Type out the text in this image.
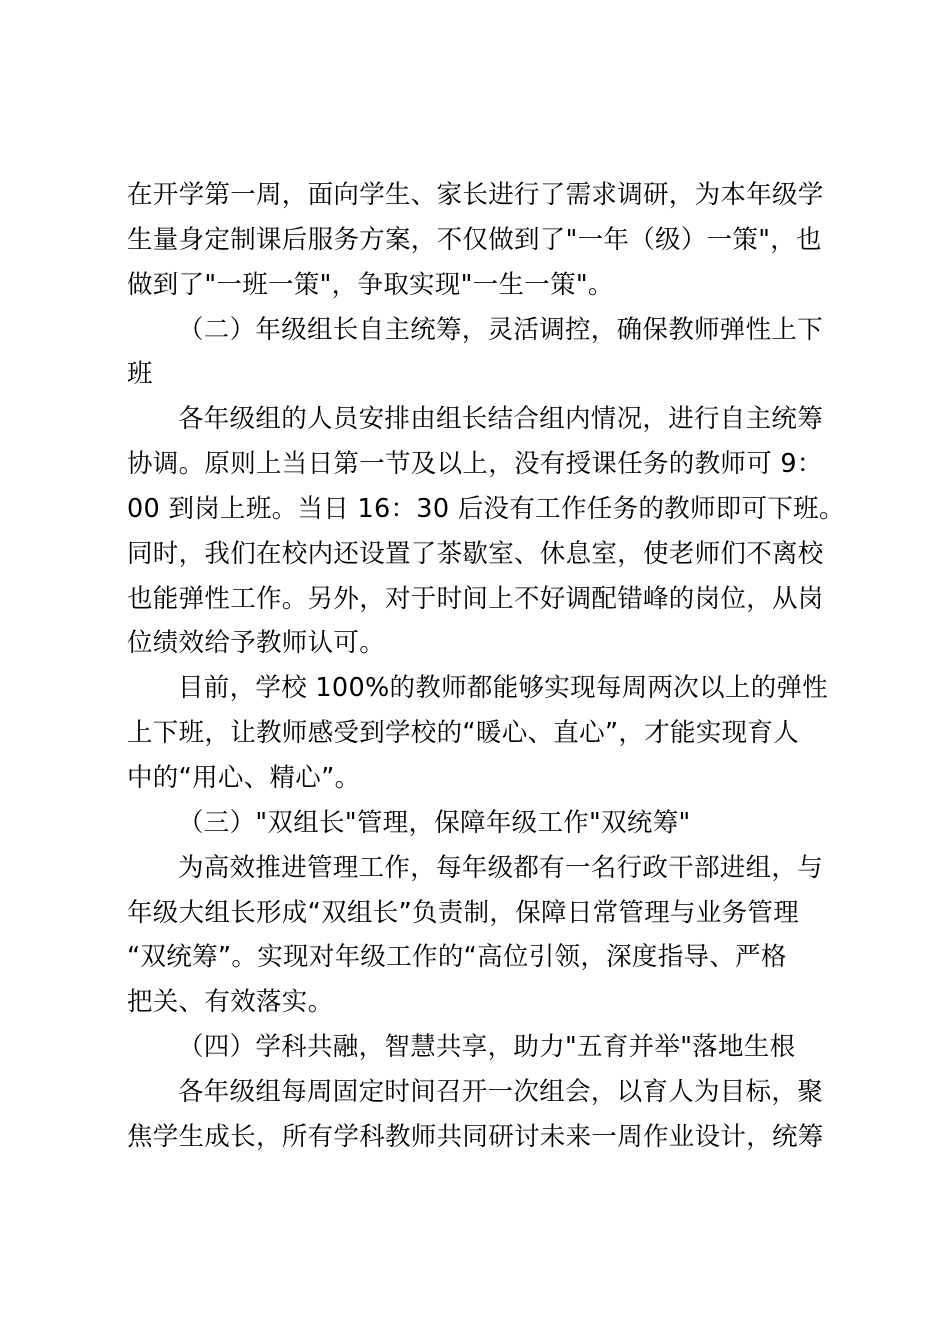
在开学第一周，面向学生、家长进行了需求调研，为本年级学
生量身定制课后服务方案，不仅做到了"一年（级）一策"，也
做到了"一班一策"，争取实现"一生一策"。
（二）年级组长自主统筹，灵活调控，确保教师弹性上下
班
各年级组的人员安排由组长结合组内情况，进行自主统筹
协调。原则上当日第一节及以上，没有授课任务的教师可 9：
00 到岗上班。当日 16：30 后没有工作任务的教师即可下班。
同时，我们在校内还设置了茶歇室、休息室，使老师们不离校
也能弹性工作。另外，对于时间上不好调配错峰的岗位，从岗
位绩效给予教师认可。
目前，学校 100%的教师都能够实现每周两次以上的弹性
上下班，让教师感受到学校的“暖心、直心”，才能实现育人
中的“用心、精心”。
（三）"双组长"管理，保障年级工作"双统筹"
为高效推进管理工作，每年级都有一名行政干部进组，与
年级大组长形成“双组长”负责制，保障日常管理与业务管理
“双统筹”。实现对年级工作的“高位引领，深度指导、严格
把关、有效落实。
（四）学科共融，智慧共享，助力"五育并举"落地生根
各年级组每周固定时间召开一次组会，以育人为目标，聚
焦学生成长，所有学科教师共同研讨未来一周作业设计，统筹
